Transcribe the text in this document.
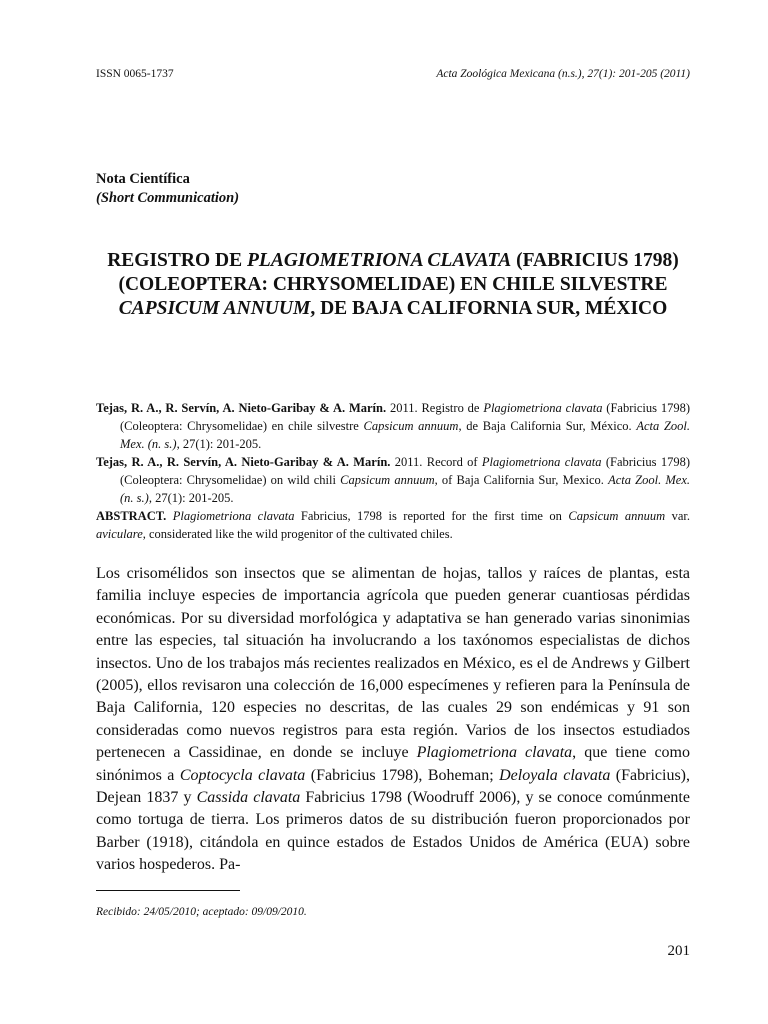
ISSN 0065-1737	Acta Zoológica Mexicana (n.s.), 27(1): 201-205 (2011)
Nota Científica
(Short Communication)
REGISTRO DE PLAGIOMETRIONA CLAVATA (FABRICIUS 1798) (COLEOPTERA: CHRYSOMELIDAE) EN CHILE SILVESTRE CAPSICUM ANNUUM, DE BAJA CALIFORNIA SUR, MÉXICO

Tejas, R. A., R. Servín, A. Nieto-Garibay & A. Marín. 2011. Registro de Plagiometriona clavata (Fabricius 1798) (Coleoptera: Chrysomelidae) en chile silvestre Capsicum annuum, de Baja California Sur, México. Acta Zool. Mex. (n. s.), 27(1): 201-205.

Tejas, R. A., R. Servín, A. Nieto-Garibay & A. Marín. 2011. Record of Plagiometriona clavata (Fabricius 1798) (Coleoptera: Chrysomelidae) on wild chili Capsicum annuum, of Baja California Sur, Mexico. Acta Zool. Mex. (n. s.), 27(1): 201-205.

ABSTRACT. Plagiometriona clavata Fabricius, 1798 is reported for the first time on Capsicum annuum var. aviculare, considerated like the wild progenitor of the cultivated chiles.

Los crisomélidos son insectos que se alimentan de hojas, tallos y raíces de plantas, esta familia incluye especies de importancia agrícola que pueden generar cuantiosas pérdidas económicas. Por su diversidad morfológica y adaptativa se han generado varias sinonimias entre las especies, tal situación ha involucrando a los taxónomos especialistas de dichos insectos. Uno de los trabajos más recientes realizados en México, es el de Andrews y Gilbert (2005), ellos revisaron una colección de 16,000 especímenes y refieren para la Península de Baja California, 120 especies no descritas, de las cuales 29 son endémicas y 91 son consideradas como nuevos registros para esta región. Varios de los insectos estudiados pertenecen a Cassidinae, en donde se incluye Plagiometriona clavata, que tiene como sinónimos a Coptocycla clavata (Fabricius 1798), Boheman; Deloyala clavata (Fabricius), Dejean 1837 y Cassida clavata Fabricius 1798 (Woodruff 2006), y se conoce comúnmente como tortuga de tierra. Los primeros datos de su distribución fueron proporcionados por Barber (1918), citándola en quince estados de Estados Unidos de América (EUA) sobre varios hospederos. Pa-

Recibido: 24/05/2010; aceptado: 09/09/2010.
201
